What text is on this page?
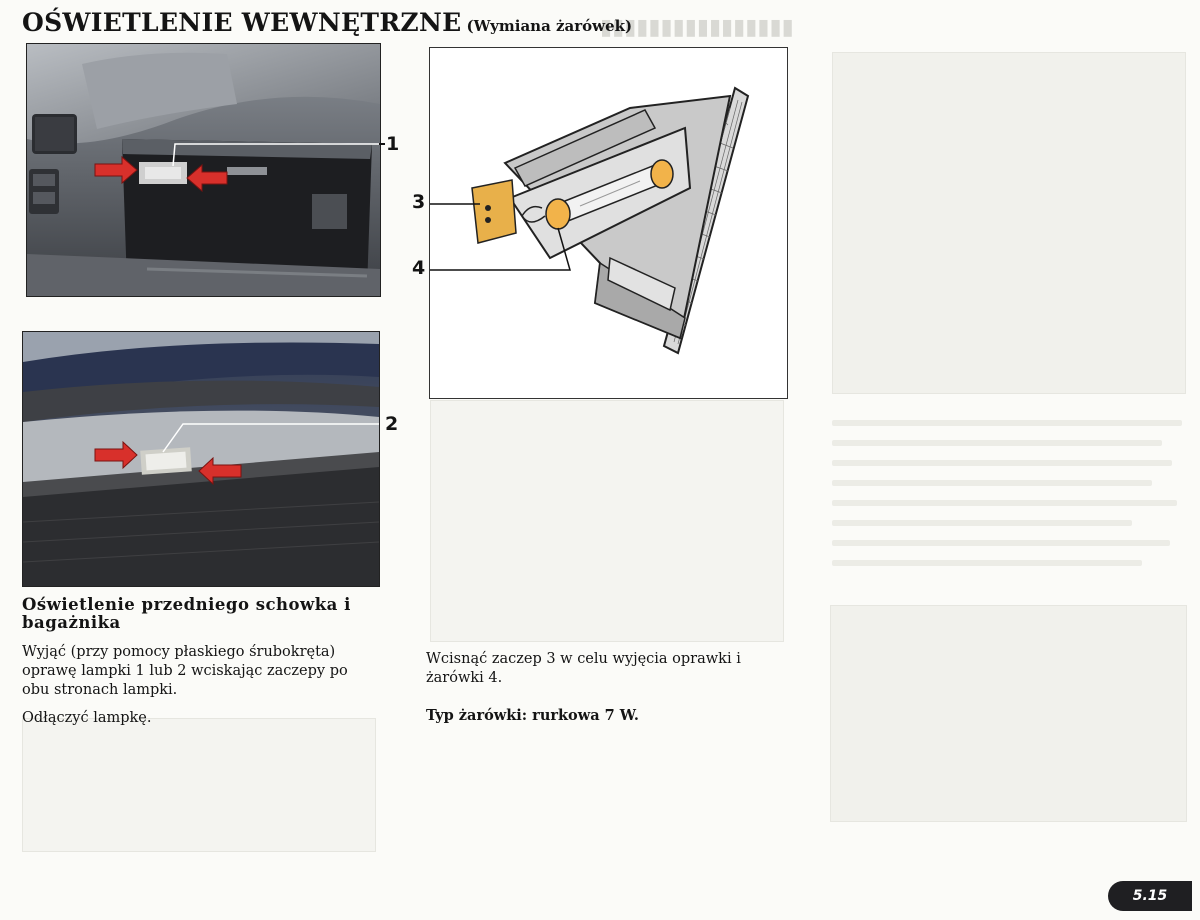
▮▮▮▮▮▮▮▮▮▮▮▮▮▮▮▮
OŚWIETLENIE WEWNĘTRZNE (Wymiana żarówek)
1
2
Oświetlenie przedniego schowka i bagażnika
Wyjąć (przy pomocy płaskiego śrubokręta) oprawę lampki 1 lub 2 wciskając zaczepy po obu stronach lampki.
Odłączyć lampkę.
3
4
Wcisnąć zaczep 3 w celu wyjęcia oprawki i żarówki 4.
Typ żarówki: rurkowa 7 W.
5.15
